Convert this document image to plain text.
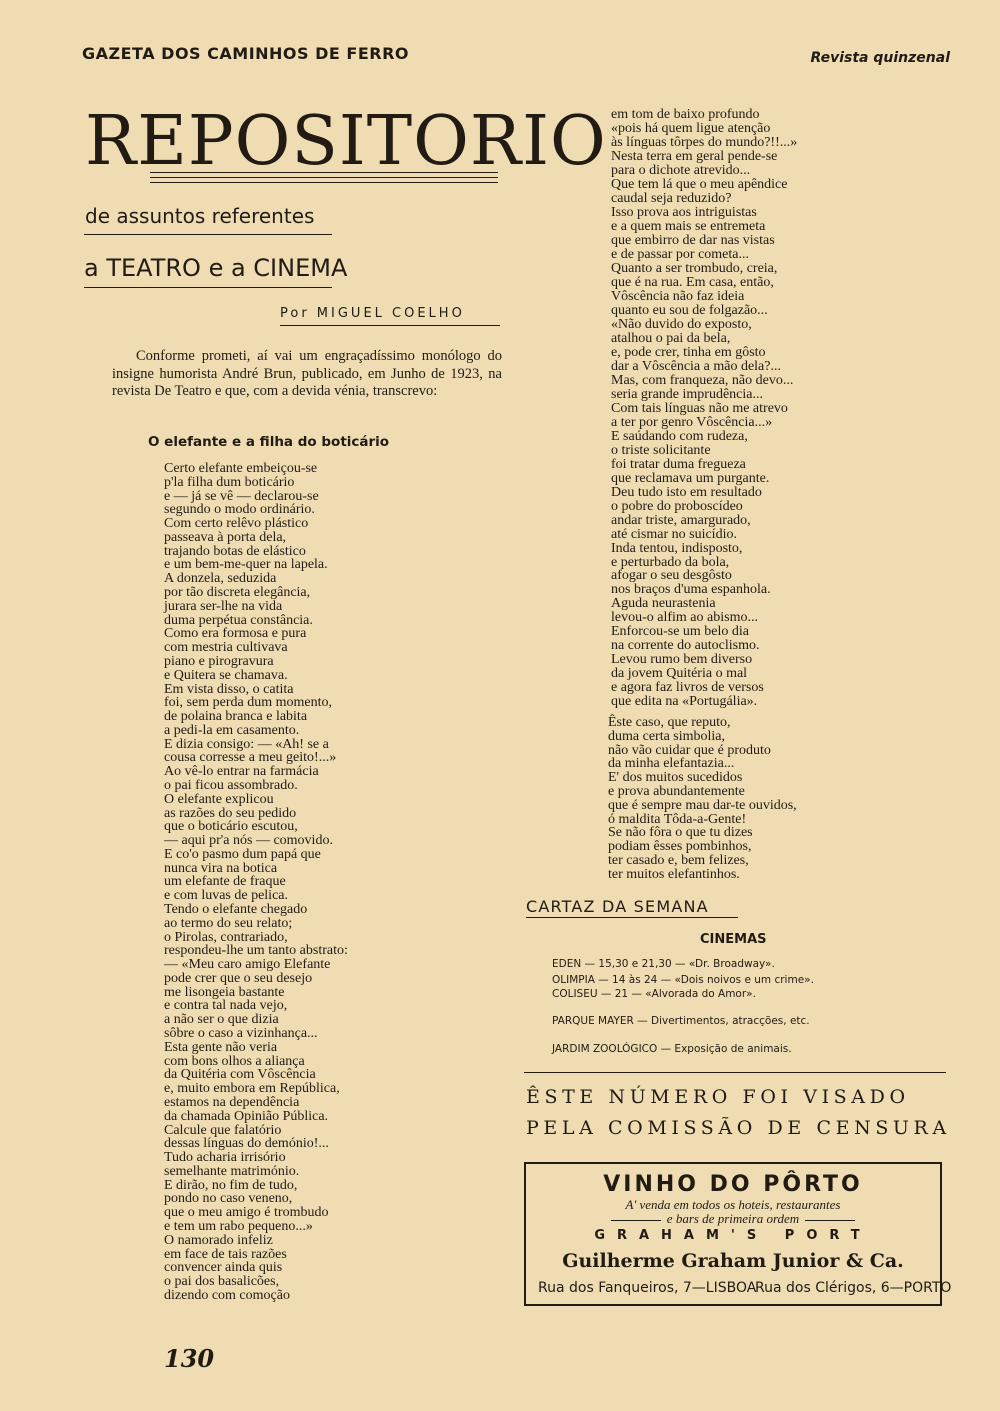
GAZETA DOS CAMINHOS DE FERRO	Revista quinzenal
REPOSITORIO
de assuntos referentes
a TEATRO e a CINEMA
Por MIGUEL COELHO

Conforme prometi, aí vai um engraçadíssimo monólogo do insigne humorista André Brun, publicado, em Junho de 1923, na revista De Teatro e que, com a devida vénia, transcrevo:

O elefante e a filha do boticário
Certo elefante embeiçou-se
p'la filha dum boticário
e — já se vê — declarou-se
segundo o modo ordinário.
Com certo relêvo plástico
passeava à porta dela,
trajando botas de elástico
e um bem-me-quer na lapela.
A donzela, seduzida
por tão discreta elegância,
jurara ser-lhe na vida
duma perpétua constância.
Como era formosa e pura
com mestria cultivava
piano e pirogravura
e Quitera se chamava.
Em vista disso, o catita
foi, sem perda dum momento,
de polaina branca e labita
a pedi-la em casamento.
E dizia consigo: — «Ah! se a
cousa corresse a meu geito!...»
Ao vê-lo entrar na farmácia
o pai ficou assombrado.
O elefante explicou
as razões do seu pedido
que o boticário escutou,
— aqui pr'a nós — comovido.
E co'o pasmo dum papá que
nunca vira na botica
um elefante de fraque
e com luvas de pelica.
Tendo o elefante chegado
ao termo do seu relato;
o Pirolas, contrariado,
respondeu-lhe um tanto abstrato:
— «Meu caro amigo Elefante
pode crer que o seu desejo
me lisongeia bastante
e contra tal nada vejo,
a não ser o que dizia
sôbre o caso a vizinhança...
Esta gente não veria
com bons olhos a aliança
da Quitéria com Vôscência
e, muito embora em República,
estamos na dependência
da chamada Opinião Pública.
Calcule que falatório
dessas línguas do demónio!...
Tudo acharia irrisório
semelhante matrimónio.
E dirão, no fim de tudo,
pondo no caso veneno,
que o meu amigo é trombudo
e tem um rabo pequeno...»
O namorado infeliz
em face de tais razões
convencer ainda quis
o pai dos basalicões,
dizendo com comoção
em tom de baixo profundo
«pois há quem ligue atenção
às línguas tôrpes do mundo?!!...»
Nesta terra em geral pende-se
para o dichote atrevido...
Que tem lá que o meu apêndice
caudal seja reduzido?
Isso prova aos intriguistas
e a quem mais se entremeta
que embirro de dar nas vistas
e de passar por cometa...
Quanto a ser trombudo, creia,
que é na rua. Em casa, então,
Vôscência não faz ideia
quanto eu sou de folgazão...
«Não duvido do exposto,
atalhou o pai da bela,
e, pode crer, tinha em gôsto
dar a Vôscência a mão dela?...
Mas, com franqueza, não devo...
seria grande imprudência...
Com tais línguas não me atrevo
a ter por genro Vôscência...»
E saúdando com rudeza,
o triste solicitante
foi tratar duma fregueza
que reclamava um purgante.
Deu tudo isto em resultado
o pobre do proboscídeo
andar triste, amargurado,
até cismar no suicídio.
Inda tentou, indisposto,
e perturbado da bola,
afogar o seu desgôsto
nos braços d'uma espanhola.
Aguda neurastenia
levou-o alfim ao abismo...
Enforcou-se um belo dia
na corrente do autoclismo.
Levou rumo bem diverso
da jovem Quitéria o mal
e agora faz livros de versos
que edita na «Portugália».
Êste caso, que reputo,
duma certa simbolia,
não vão cuidar que é produto
da minha elefantazia...
E' dos muitos sucedidos
e prova abundantemente
que é sempre mau dar-te ouvidos,
ó maldita Tôda-a-Gente!
Se não fôra o que tu dizes
podiam êsses pombinhos,
ter casado e, bem felizes,
ter muitos elefantinhos.
CARTAZ DA SEMANA
CINEMAS
EDEN — 15,30 e 21,30 — «Dr. Broadway».
OLIMPIA — 14 às 24 — «Dois noivos e um crime».
COLISEU — 21 — «Alvorada do Amor».
PARQUE MAYER — Divertimentos, atracções, etc.
JARDIM ZOOLÓGICO — Exposição de animais.
ÊSTE NÚMERO FOI VISADO
PELA COMISSÃO DE CENSURA
VINHO DO PÔRTO
A' venda em todos os hoteis, restaurantes
e bars de primeira ordem
GRAHAM'S PORT
Guilherme Graham Junior & Ca.
Rua dos Fanqueiros, 7—LISBOA
Rua dos Clérigos, 6—PORTO
130
